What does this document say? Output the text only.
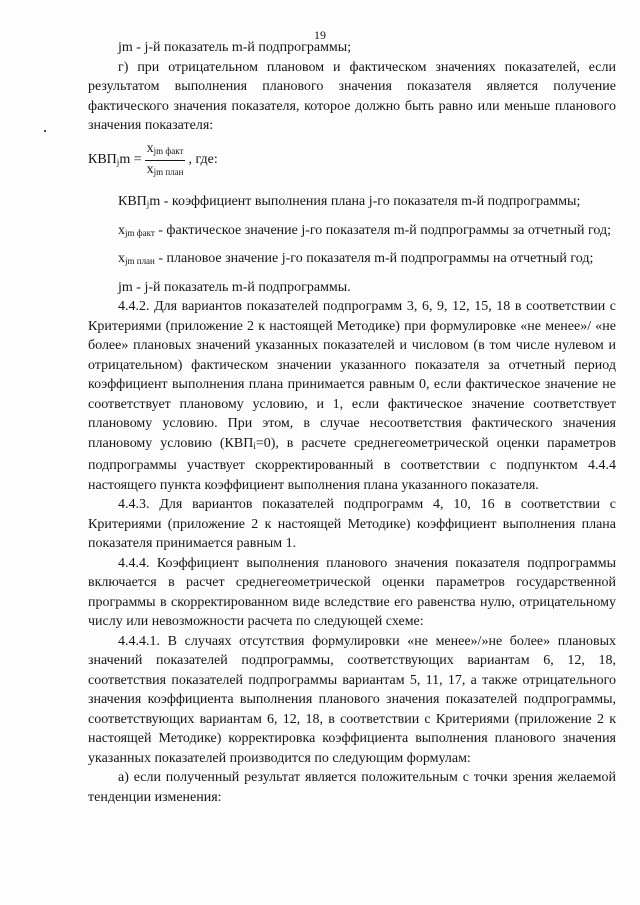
19

jm - j-й показатель m-й подпрограммы;

г) при отрицательном плановом и фактическом значениях показателей, если результатом выполнения планового значения показателя является получение фактического значения показателя, которое должно быть равно или меньше планового значения показателя:

$КВП_jm = \frac{x_{jm факт}}{x_{jm план}}$ , где:

$КВП_jm$ - коэффициент выполнения плана j-го показателя m-й подпрограммы;

$x_{jm факт}$ - фактическое значение j-го показателя m-й подпрограммы за отчетный год;

$x_{jm план}$ - плановое значение j-го показателя m-й подпрограммы на отчетный год;

jm - j-й показатель m-й подпрограммы.

4.4.2. Для вариантов показателей подпрограмм 3, 6, 9, 12, 15, 18 в соответствии с Критериями (приложение 2 к настоящей Методике) при формулировке «не менее»/ «не более» плановых значений указанных показателей и числовом (в том числе нулевом и отрицательном) фактическом значении указанного показателя за отчетный период коэффициент выполнения плана принимается равным 0, если фактическое значение не соответствует плановому условию, и 1, если фактическое значение соответствует плановому условию. При этом, в случае несоответствия фактического значения плановому условию $(КВП_i=0)$, в расчете среднегеометрической оценки параметров подпрограммы участвует скорректированный в соответствии с подпунктом 4.4.4 настоящего пункта коэффициент выполнения плана указанного показателя.

4.4.3. Для вариантов показателей подпрограмм 4, 10, 16 в соответствии с Критериями (приложение 2 к настоящей Методике) коэффициент выполнения плана показателя принимается равным 1.

4.4.4. Коэффициент выполнения планового значения показателя подпрограммы включается в расчет среднегеометрической оценки параметров государственной программы в скорректированном виде вследствие его равенства нулю, отрицательному числу или невозможности расчета по следующей схеме:

4.4.4.1. В случаях отсутствия формулировки «не менее»/»не более» плановых значений показателей подпрограммы, соответствующих вариантам 6, 12, 18, соответствия показателей подпрограммы вариантам 5, 11, 17, а также отрицательного значения коэффициента выполнения планового значения показателей подпрограммы, соответствующих вариантам 6, 12, 18, в соответствии с Критериями (приложение 2 к настоящей Методике) корректировка коэффициента выполнения планового значения указанных показателей производится по следующим формулам:

а) если полученный результат является положительным с точки зрения желаемой тенденции изменения:
